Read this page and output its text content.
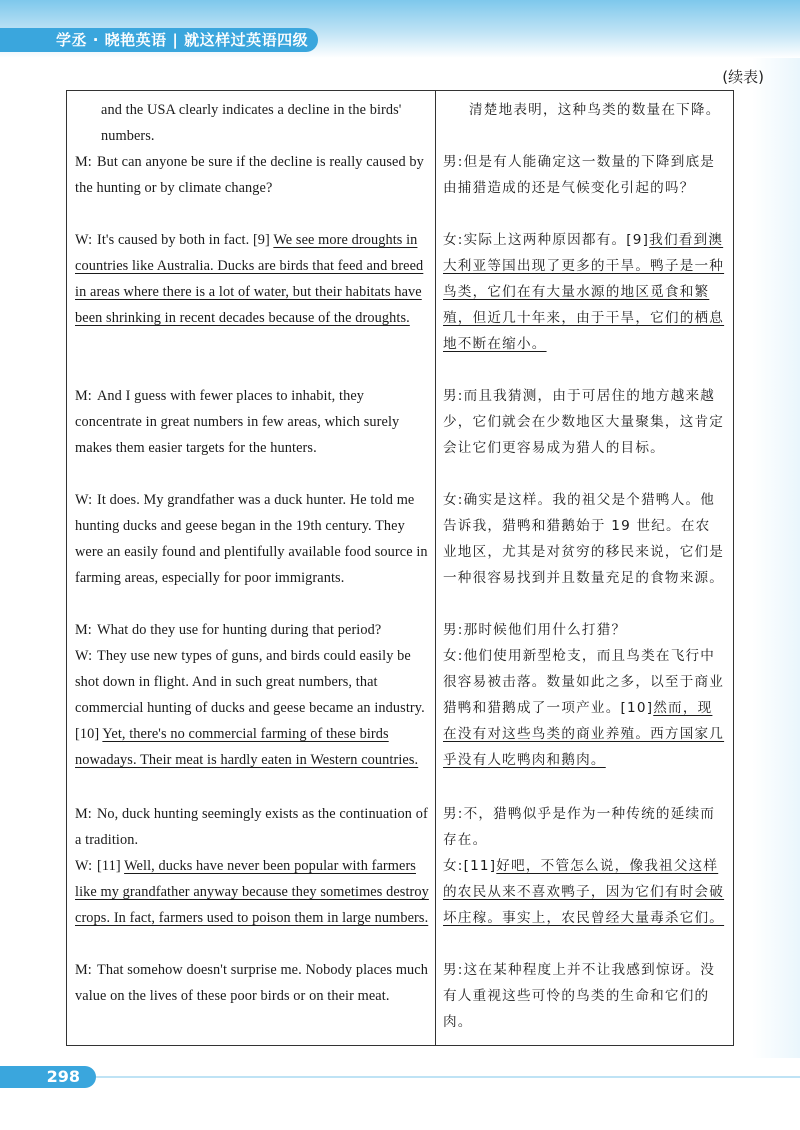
学丞 · 晓艳英语 | 就这样过英语四级
(续表)
and the USA clearly indicates a decline in the birds' numbers.
清楚地表明，这种鸟类的数量在下降。
M: But can anyone be sure if the decline is really caused by the hunting or by climate change?
男:但是有人能确定这一数量的下降到底是由捕猎造成的还是气候变化引起的吗？
W: It's caused by both in fact. [9] We see more droughts in countries like Australia. Ducks are birds that feed and breed in areas where there is a lot of water, but their habitats have been shrinking in recent decades because of the droughts.
女:实际上这两种原因都有。[9]我们看到澳大利亚等国出现了更多的干旱。鸭子是一种鸟类，它们在有大量水源的地区觅食和繁殖，但近几十年来，由于干旱，它们的栖息地不断在缩小。
M: And I guess with fewer places to inhabit, they concentrate in great numbers in few areas, which surely makes them easier targets for the hunters.
男:而且我猜测，由于可居住的地方越来越少，它们就会在少数地区大量聚集，这肯定会让它们更容易成为猎人的目标。
W: It does. My grandfather was a duck hunter. He told me hunting ducks and geese began in the 19th century. They were an easily found and plentifully available food source in farming areas, especially for poor immigrants.
女:确实是这样。我的祖父是个猎鸭人。他告诉我，猎鸭和猎鹅始于 19 世纪。在农业地区，尤其是对贫穷的移民来说，它们是一种很容易找到并且数量充足的食物来源。
M: What do they use for hunting during that period?	男:那时候他们用什么打猎？
W: They use new types of guns, and birds could easily be shot down in flight. And in such great numbers, that commercial hunting of ducks and geese became an industry. [10] Yet, there's no commercial farming of these birds nowadays. Their meat is hardly eaten in Western countries.
女:他们使用新型枪支，而且鸟类在飞行中很容易被击落。数量如此之多，以至于商业猎鸭和猎鹅成了一项产业。[10]然而，现在没有对这些鸟类的商业养殖。西方国家几乎没有人吃鸭肉和鹅肉。
M: No, duck hunting seemingly exists as the continuation of a tradition.
男:不，猎鸭似乎是作为一种传统的延续而存在。
W: [11] Well, ducks have never been popular with farmers like my grandfather anyway because they sometimes destroy crops. In fact, farmers used to poison them in large numbers.
女:[11]好吧，不管怎么说，像我祖父这样的农民从来不喜欢鸭子，因为它们有时会破坏庄稼。事实上，农民曾经大量毒杀它们。
M: That somehow doesn't surprise me. Nobody places much value on the lives of these poor birds or on their meat.
男:这在某种程度上并不让我感到惊讶。没有人重视这些可怜的鸟类的生命和它们的肉。
298
